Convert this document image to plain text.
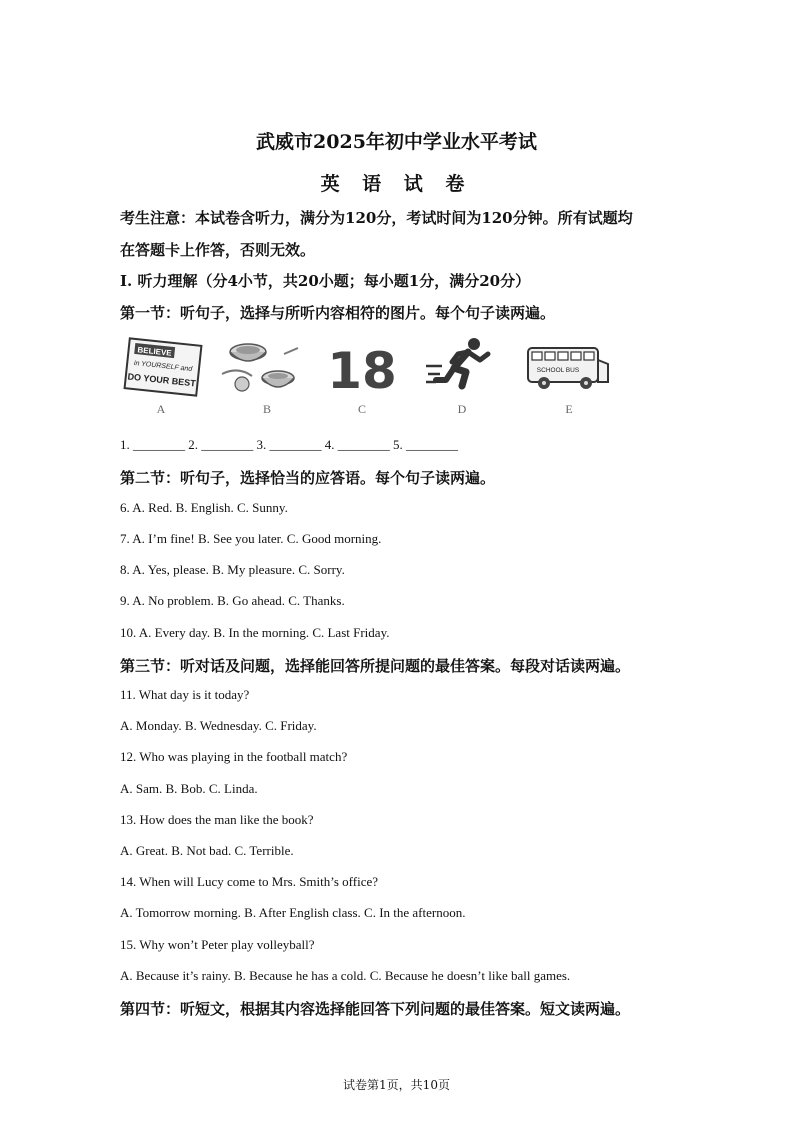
武威市2025年初中学业水平考试
英 语 试 卷
考生注意：本试卷含听力，满分为120分，考试时间为120分钟。所有试题均
在答题卡上作答，否则无效。
I. 听力理解（分4小节，共20小题；每小题1分，满分20分）
第一节：听句子，选择与所听内容相符的图片。每个句子读两遍。
BELIEVE
in YOURSELF and
DO YOUR BEST
A	B
18
C	D
SCHOOL BUS
E
1. ________ 2. ________ 3. ________ 4. ________ 5. ________
第二节：听句子，选择恰当的应答语。每个句子读两遍。
6. A. Red. B. English. C. Sunny.
7. A. I’m fine! B. See you later. C. Good morning.
8. A. Yes, please. B. My pleasure. C. Sorry.
9. A. No problem. B. Go ahead. C. Thanks.
10. A. Every day. B. In the morning. C. Last Friday.
第三节：听对话及问题，选择能回答所提问题的最佳答案。每段对话读两遍。
11. What day is it today?
A. Monday. B. Wednesday. C. Friday.
12. Who was playing in the football match?
A. Sam. B. Bob. C. Linda.
13. How does the man like the book?
A. Great. B. Not bad. C. Terrible.
14. When will Lucy come to Mrs. Smith’s office?
A. Tomorrow morning. B. After English class. C. In the afternoon.
15. Why won’t Peter play volleyball?
A. Because it’s rainy. B. Because he has a cold. C. Because he doesn’t like ball games.
第四节：听短文，根据其内容选择能回答下列问题的最佳答案。短文读两遍。
试卷第1页，共10页
